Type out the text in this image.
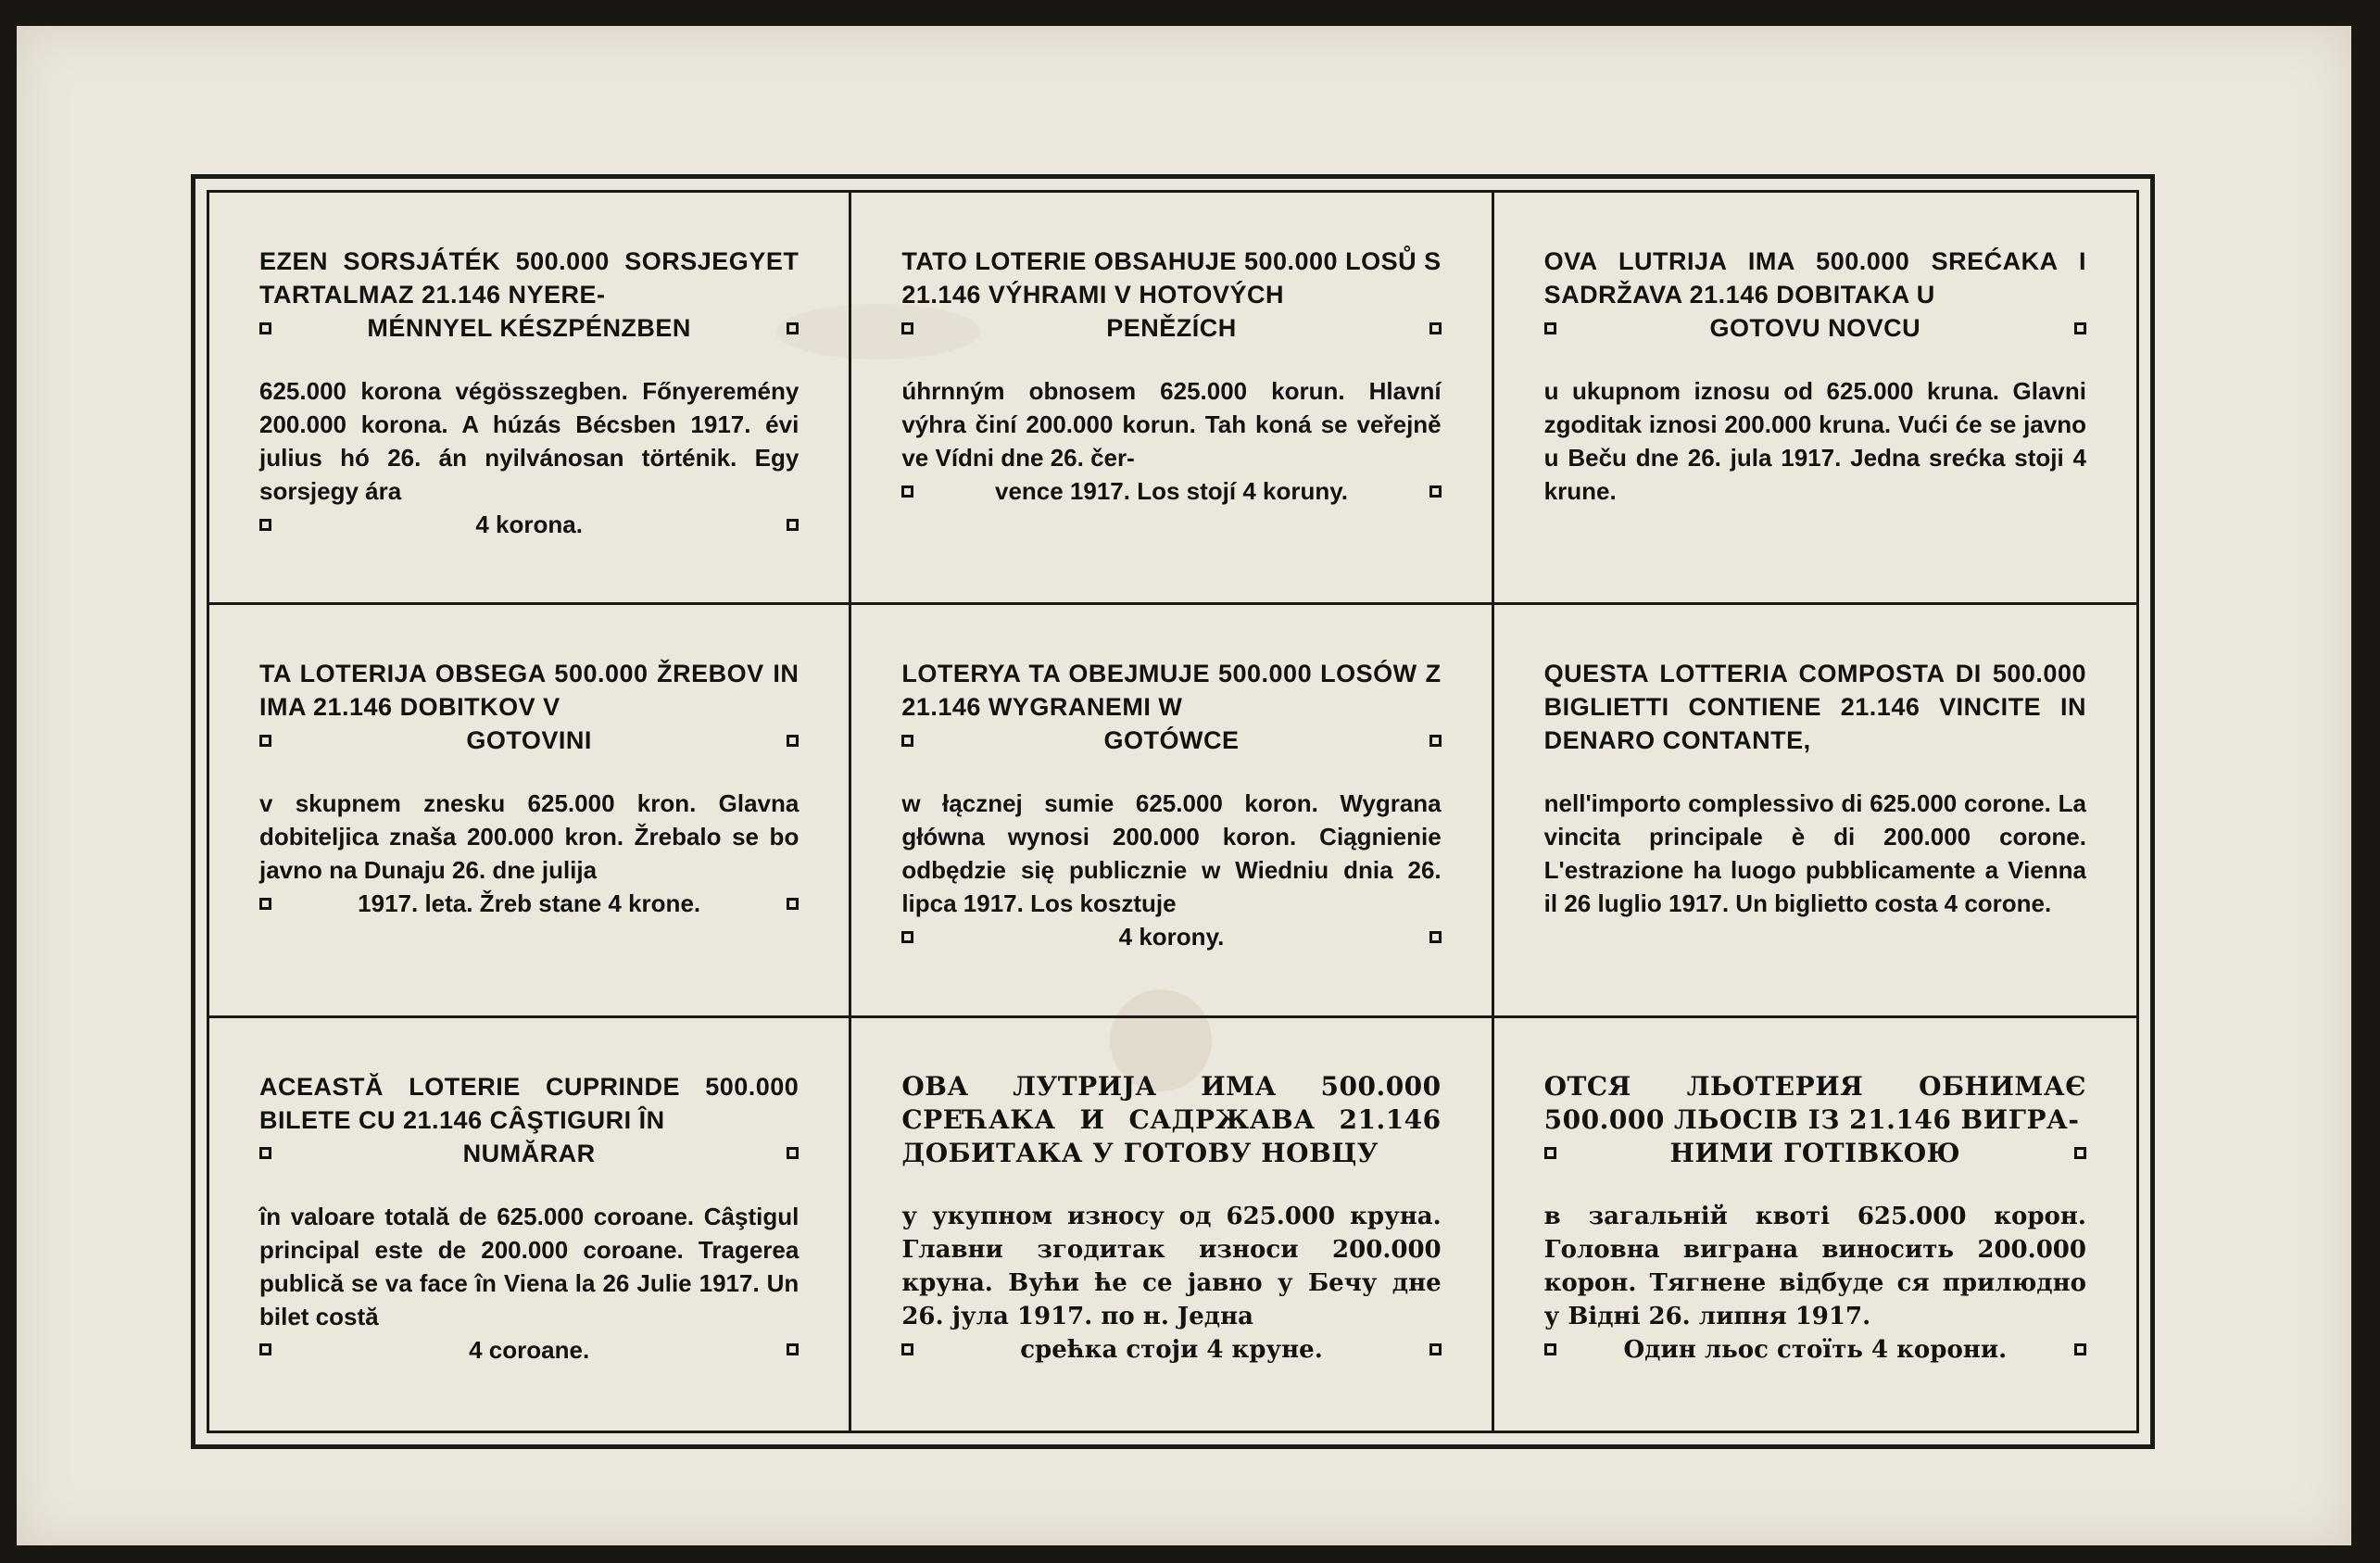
EZEN SORSJÁTÉK 500.000 SORSJEGYET TARTALMAZ 21.146 NYERE-
MÉNNYEL KÉSZPÉNZBEN
625.000 korona végösszegben. Főnyeremény 200.000 korona. A húzás Bécsben 1917. évi julius hó 26. án nyilvánosan történik. Egy sorsjegy ára
4 korona.
TATO LOTERIE OBSAHUJE 500.000 LOSŮ S 21.146 VÝHRAMI V HOTOVÝCH
PENĚZÍCH
úhrnným obnosem 625.000 korun. Hlavní výhra činí 200.000 korun. Tah koná se veřejně ve Vídni dne 26. čer-
vence 1917. Los stojí 4 koruny.
OVA LUTRIJA IMA 500.000 SREĆAKA I SADRŽAVA 21.146 DOBITAKA U
GOTOVU NOVCU
u ukupnom iznosu od 625.000 kruna. Glavni zgoditak iznosi 200.000 kruna. Vući će se javno u Beču dne 26. jula 1917. Jedna srećka stoji 4 krune.
TA LOTERIJA OBSEGA 500.000 ŽREBOV IN IMA 21.146 DOBITKOV V
GOTOVINI
v skupnem znesku 625.000 kron. Glavna dobiteljica znaša 200.000 kron. Žrebalo se bo javno na Dunaju 26. dne julija
1917. leta. Žreb stane 4 krone.
LOTERYA TA OBEJMUJE 500.000 LOSÓW Z 21.146 WYGRANEMI W
GOTÓWCE
w łącznej sumie 625.000 koron. Wygrana główna wynosi 200.000 koron. Ciągnienie odbędzie się publicznie w Wiedniu dnia 26. lipca 1917. Los kosztuje
4 korony.
QUESTA LOTTERIA COMPOSTA DI 500.000 BIGLIETTI CONTIENE 21.146 VINCITE IN DENARO CONTANTE,
nell'importo complessivo di 625.000 corone. La vincita principale è di 200.000 corone. L'estrazione ha luogo pubblicamente a Vienna il 26 luglio 1917. Un biglietto costa 4 corone.
ACEASTĂ LOTERIE CUPRINDE 500.000 BILETE CU 21.146 CÂŞTIGURI ÎN
NUMĂRAR
în valoare totală de 625.000 coroane. Câştigul principal este de 200.000 coroane. Tragerea publică se va face în Viena la 26 Julie 1917. Un bilet costă
4 coroane.
ОВА ЛУТРИЈА ИМА 500.000 СРЕЋАКА И САДРЖАВА 21.146 ДОБИТАКА У ГОТОВУ НОВЦУ
у укупном износу од 625.000 круна. Главни згодитак износи 200.000 круна. Вући ће се јавно у Бечу дне 26. јула 1917. по н. Једна
срећка стоји 4 круне.
ОТСЯ ЛЬОТЕРИЯ ОБНИМАЄ 500.000 ЛЬОСІВ ІЗ 21.146 ВИГРА-
НИМИ ГОТІВКОЮ
в загальній квоті 625.000 корон. Головна виграна виносить 200.000 корон. Тягнене відбуде ся прилюдно у Відні 26. липня 1917.
Один льос стоїть 4 корони.
